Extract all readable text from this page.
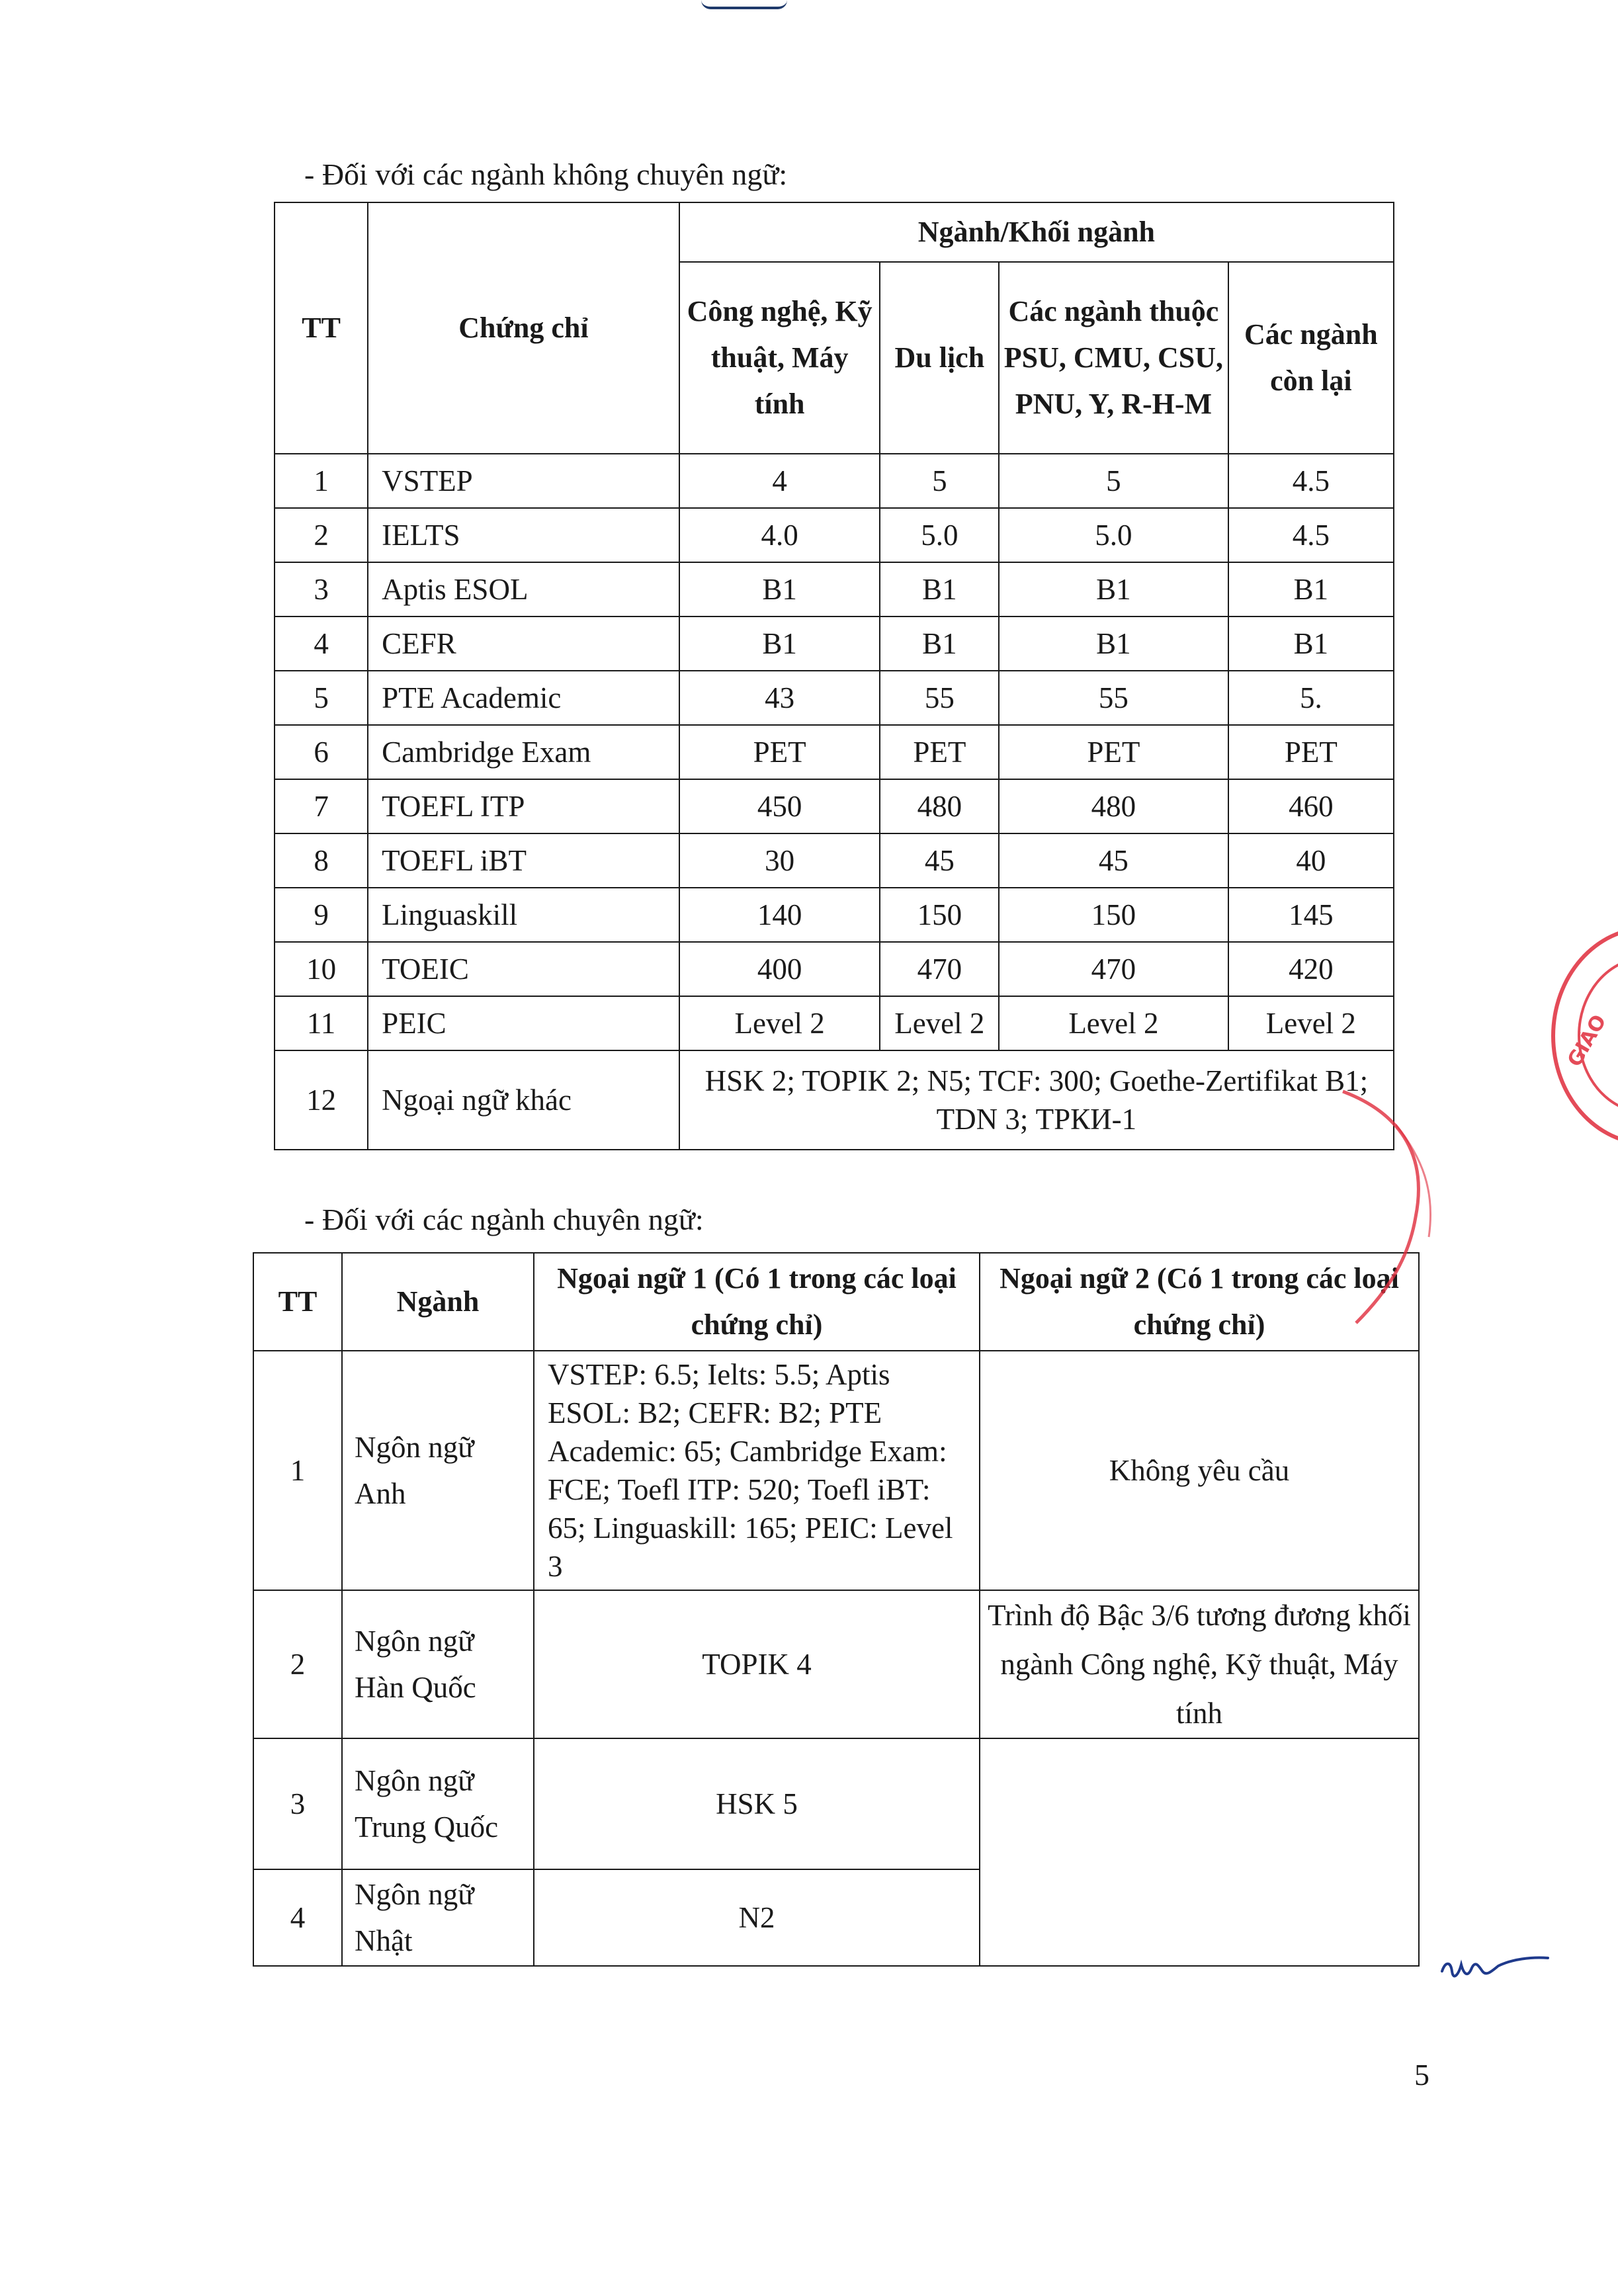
- Đối với các ngành không chuyên ngữ:
TT	Chứng chỉ	Ngành/Khối ngành			
		Công nghệ, Kỹ thuật, Máy tính	Du lịch	Các ngành thuộc PSU, CMU, CSU, PNU, Y, R-H-M	Các ngành còn lại
1	VSTEP	4	5	5	4.5
2	IELTS	4.0	5.0	5.0	4.5
3	Aptis ESOL	B1	B1	B1	B1
4	CEFR	B1	B1	B1	B1
5	PTE Academic	43	55	55	5.
6	Cambridge Exam	PET	PET	PET	PET
7	TOEFL ITP	450	480	480	460
8	TOEFL iBT	30	45	45	40
9	Linguaskill	140	150	150	145
10	TOEIC	400	470	470	420
11	PEIC	Level 2	Level 2	Level 2	Level 2
12	Ngoại ngữ khác	HSK 2; TOPIK 2; N5; TCF: 300; Goethe-Zertifikat B1; TDN 3; ТРКИ-1			
- Đối với các ngành chuyên ngữ:
TT	Ngành	Ngoại ngữ 1 (Có 1 trong các loại chứng chỉ)	Ngoại ngữ 2 (Có 1 trong các loại chứng chỉ)
1	Ngôn ngữ Anh	VSTEP: 6.5; Ielts: 5.5; Aptis ESOL: B2; CEFR: B2; PTE Academic: 65; Cambridge Exam: FCE; Toefl ITP: 520; Toefl iBT: 65; Linguaskill: 165; PEIC: Level 3	Không yêu cầu
2	Ngôn ngữ Hàn Quốc	TOPIK 4	Trình độ Bậc 3/6 tương đương khối ngành Công nghệ, Kỹ thuật, Máy tính
3	Ngôn ngữ Trung Quốc	HSK 5	
4	Ngôn ngữ Nhật	N2	
GIÁO
5
